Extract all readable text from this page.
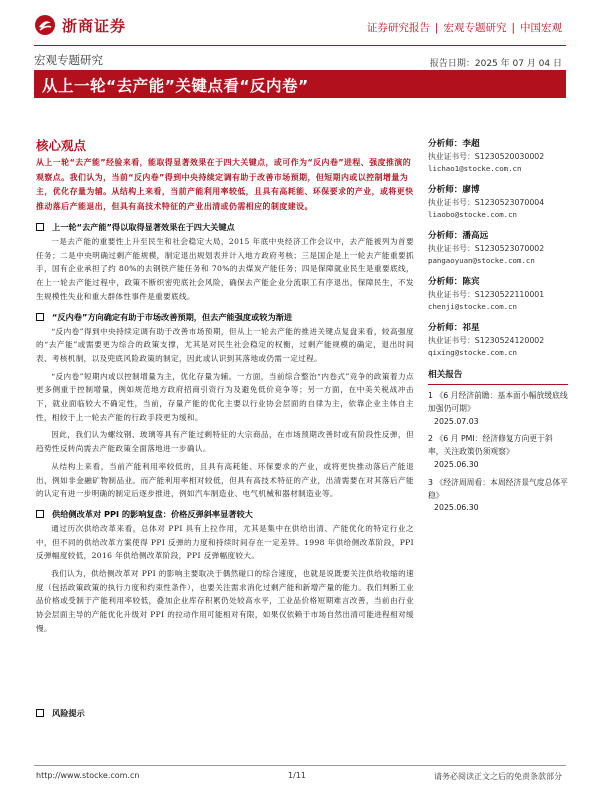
浙商证券	证券研究报告 | 宏观专题研究 | 中国宏观
宏观专题研究	报告日期：2025 年 07 月 04 日
从上一轮“去产能”关键点看“反内卷”
核心观点
从上一轮“去产能”经验来看，能取得显著效果在于四大关键点，或可作为“反内卷”进程、强度推演的观察点。我们认为，当前“反内卷”得到中央持续定调有助于改善市场预期，但短期内或以控制增量为主，优化存量为辅。从结构上来看，当前产能利用率较低，且具有高耗能、环保要求的产业，或将更快推动落后产能退出，但具有高技术特征的产业出清或仍需相应的制度建设。
上一轮“去产能”得以取得显著效果在于四大关键点

一是去产能的重要性上升至民生和社会稳定大局，2015 年底中央经济工作会议中，去产能被列为首要任务；二是中央明确过剩产能规模，制定退出规划表并计入地方政府考核；三是国企是上一轮去产能重要抓手，国有企业承担了约 80%的去钢铁产能任务和 70%的去煤炭产能任务；四是保障就业民生是重要底线，在上一轮去产能过程中，政策不断织密兜底社会风险，确保去产能企业分流职工有序退出，保障民生，不发生规模性失业和重大群体性事件是重要底线。

“反内卷”方向确定有助于市场改善预期，但去产能强度或较为渐进

“反内卷”得到中央持续定调有助于改善市场预期，但从上一轮去产能的推进关键点复盘来看，较高强度的“去产能”或需要更为综合的政策支撑，尤其是对民生社会稳定的权衡，过剩产能规模的确定，退出时间表、考核机制，以及兜底风险政策的制定，因此或认识到其落地或仍需一定过程。

“反内卷”短期内或以控制增量为主，优化存量为辅。一方面，当前综合整治“内卷式”竞争的政策着力点更多侧重于控制增量，例如规范地方政府招商引资行为及避免低价竞争等；另一方面，在中美关税战冲击下，就业面临较大不确定性，当前，存量产能的优化主要以行业协会层面的自律为主，依靠企业主体自主性，相较于上一轮去产能的行政手段更为缓和。

因此，我们认为螺纹钢、玻璃等具有产能过剩特征的大宗商品，在市场预期改善时或有阶段性反弹，但趋势性反转尚需去产能政策全面落地进一步确认。

从结构上来看，当前产能利用率较低的，且具有高耗能、环保要求的产业，或将更快推动落后产能退出，例如非金融矿物制品业。而产能利用率相对较低，但具有高技术特征的产业，出清需要在对其落后产能的认定有进一步明确的制定后逐步推进，例如汽车制造业、电气机械和器材制造业等。

供给侧改革对 PPI 的影响复盘：价格反弹斜率显著较大

通过历次供给改革来看，总体对 PPI 具有上拉作用，尤其是集中在供给出清、产能优化的特定行业之中，但不同的供给改革方案使得 PPI 反弹的力度和持续时间存在一定差异。1998 年供给侧改革阶段，PPI 反弹幅度较低，2016 年供给侧改革阶段，PPI 反弹幅度较大。

我们认为，供给侧改革对 PPI 的影响主要取决于偶然碰口的综合速度，也就是说既要关注供给收缩的速度（包括政策政策的执行力度和约束性条件），也要关注需求消化过剩产能和新增产量的能力。我们判断工业品价格或受制于产能利用率较低，叠加企业库存积累仍处较高水平，工业品价格短期难言改善，当前由行业协会层面主导的产能优化升级对 PPI 的拉动作用可能相对有限，如果仅依赖于市场自然出清可能进程相对缓慢。

风险提示
分析师：李超
执业证书号：S1230520030002
lichao1@stocke.com.cn
分析师：廖博
执业证书号：S1230523070004
liaobo@stocke.com.cn
分析师：潘高远
执业证书号：S1230523070002
pangaoyuan@stocke.com.cn
分析师：陈宾
执业证书号：S1230522110001
chenji@stocke.com.cn
分析师：祁星
执业证书号：S1230524120002
qixing@stocke.com.cn
相关报告
1 《6 月经济前瞻：基本面小幅放缓底线加强仍可期》
2025.07.03
2 《6 月 PMI：经济修复方向更于斜率，关注政策仍须观察》
2025.06.30
3 《经济周周看：本周经济景气度总体平稳》
2025.06.30
http://www.stocke.com.cn	1/11	请务必阅读正文之后的免责条款部分
